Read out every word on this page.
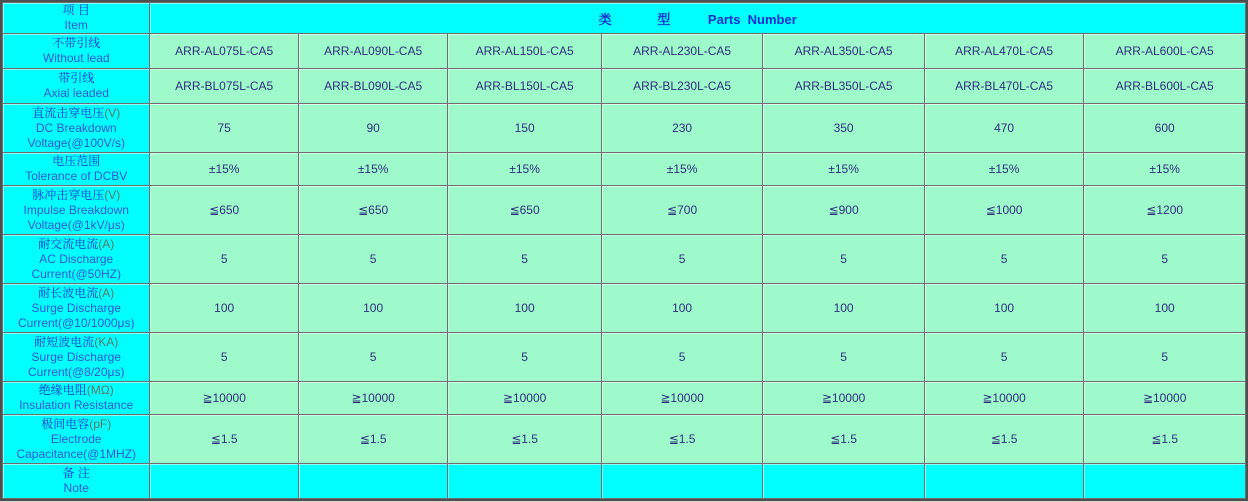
项 目
Item	类 型 Parts  Number						

不带引线
Without lead	ARR-AL075L-CA5	ARR-AL090L-CA5	ARR-AL150L-CA5	ARR-AL230L-CA5	ARR-AL350L-CA5	ARR-AL470L-CA5	ARR-AL600L-CA5

带引线
Axial leaded	ARR-BL075L-CA5	ARR-BL090L-CA5	ARR-BL150L-CA5	ARR-BL230L-CA5	ARR-BL350L-CA5	ARR-BL470L-CA5	ARR-BL600L-CA5

直流击穿电压(V)
DC Breakdown Voltage(@100V/s)	75	90	150	230	350	470	600

电压范围
Tolerance of DCBV	±15%	±15%	±15%	±15%	±15%	±15%	±15%

脉冲击穿电压(V)
Impulse Breakdown Voltage(@1kV/μs)	≦650	≦650	≦650	≦700	≦900	≦1000	≦1200

耐交流电流(A)
AC Discharge Current(@50HZ)	5	5	5	5	5	5	5

耐长波电流(A)
Surge Discharge Current(@10/1000μs)	100	100	100	100	100	100	100

耐短波电流(KA)
Surge Discharge Current(@8/20μs)	5	5	5	5	5	5	5

绝缘电阻(MΩ)
Insulation Resistance	≧10000	≧10000	≧10000	≧10000	≧10000	≧10000	≧10000

极间电容(pF)
Electrode Capacitance(@1MHZ)	≦1.5	≦1.5	≦1.5	≦1.5	≦1.5	≦1.5	≦1.5

备 注
Note							
